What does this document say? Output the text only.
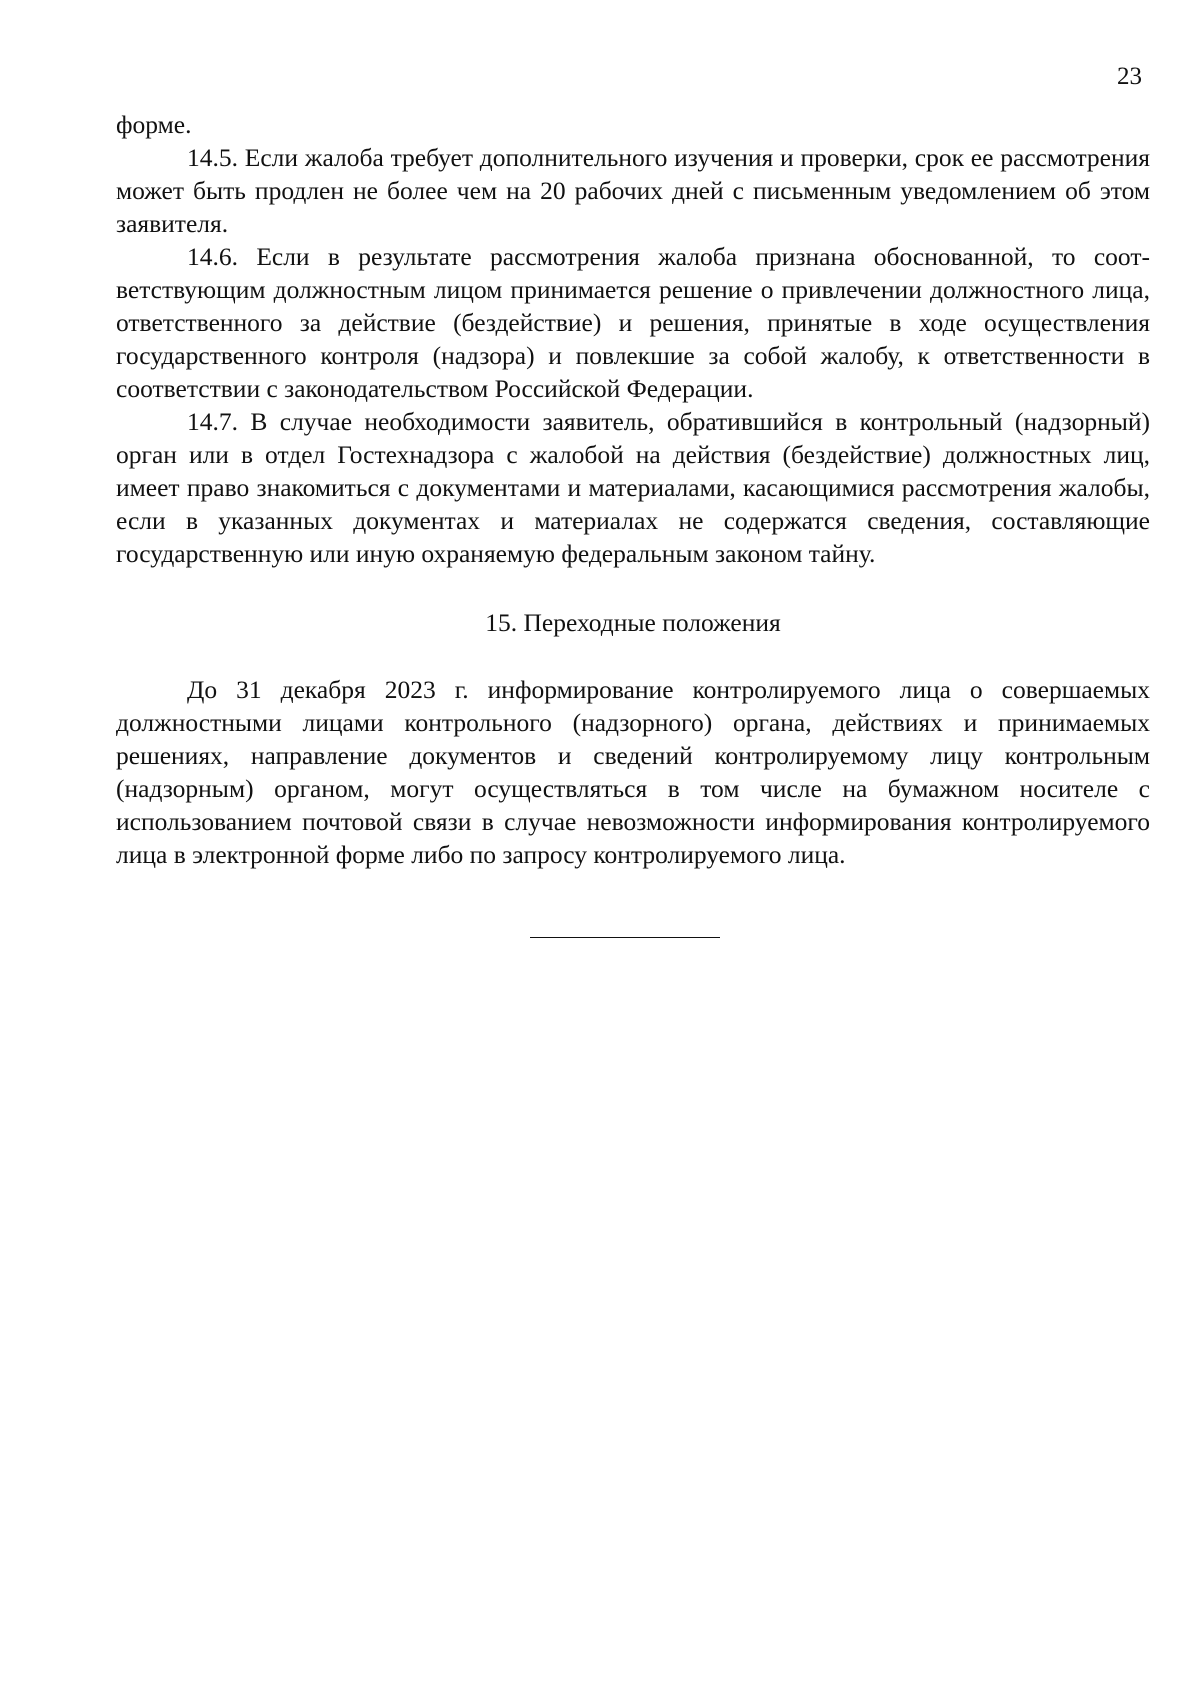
23

форме.

14.5. Если жалоба требует дополнительного изучения и проверки, срок ее рассмотрения может быть продлен не более чем на 20 рабочих дней с письменным уведомлением об этом заявителя.

14.6. Если в результате рассмотрения жалоба признана обоснованной, то соответствующим должностным лицом принимается решение о привлечении должностного лица, ответственного за действие (бездействие) и решения, принятые в ходе осуществления государственного контроля (надзора) и повлекшие за собой жалобу, к ответственности в соответствии с законодательством Российской Федерации.

14.7. В случае необходимости заявитель, обратившийся в контрольный (надзорный) орган или в отдел Гостехнадзора с жалобой на действия (бездействие) должностных лиц, имеет право знакомиться с документами и материалами, касающимися рассмотрения жалобы, если в указанных документах и материалах не содержатся сведения, составляющие государственную или иную охраняемую федеральным законом тайну.

15. Переходные положения

До 31 декабря 2023 г. информирование контролируемого лица о совершаемых должностными лицами контрольного (надзорного) органа, действиях и принимаемых решениях, направление документов и сведений контролируемому лицу контрольным (надзорным) органом, могут осуществляться в том числе на бумажном носителе с использованием почтовой связи в случае невозможности информирования контролируемого лица в электронной форме либо по запросу контролируемого лица.
